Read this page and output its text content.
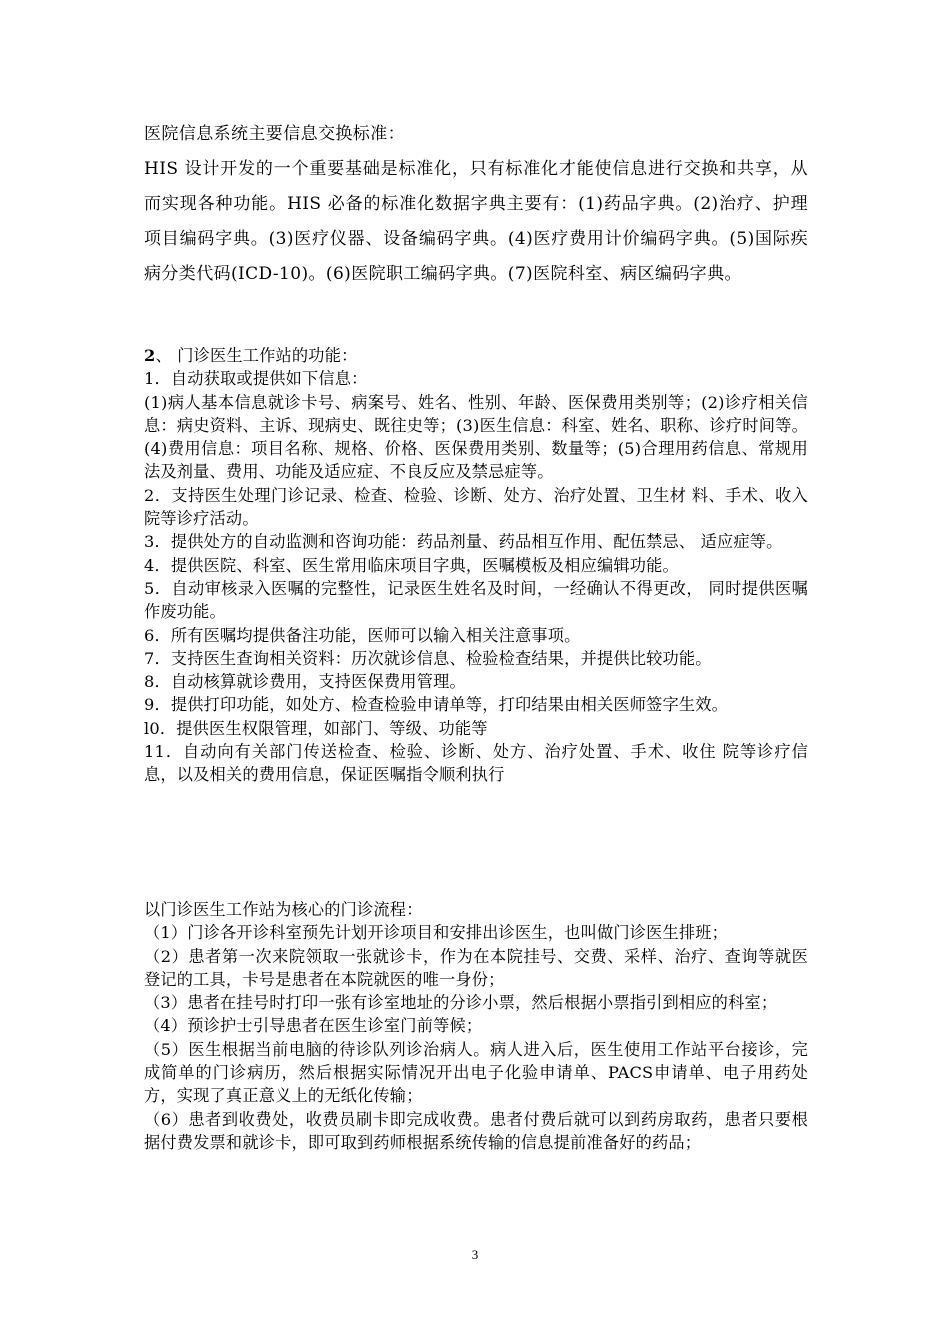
医院信息系统主要信息交换标准：

HIS 设计开发的一个重要基础是标准化，只有标准化才能使信息进行交换和共享，从而实现各种功能。HIS 必备的标准化数据字典主要有：(1)药品字典。(2)治疗、护理项目编码字典。(3)医疗仪器、设备编码字典。(4)医疗费用计价编码字典。(5)国际疾病分类代码(ICD-10)。(6)医院职工编码字典。(7)医院科室、病区编码字典。

2、 门诊医生工作站的功能：

1．自动获取或提供如下信息：

(1)病人基本信息就诊卡号、病案号、姓名、性别、年龄、医保费用类别等；(2)诊疗相关信息：病史资料、主诉、现病史、既往史等；(3)医生信息：科室、姓名、职称、诊疗时间等。(4)费用信息：项目名称、规格、价格、医保费用类别、数量等；(5)合理用药信息、常规用法及剂量、费用、功能及适应症、不良反应及禁忌症等。

2．支持医生处理门诊记录、检查、检验、诊断、处方、治疗处置、卫生材 料、手术、收入院等诊疗活动。

3．提供处方的自动监测和咨询功能：药品剂量、药品相互作用、配伍禁忌、 适应症等。

4．提供医院、科室、医生常用临床项目字典，医嘱模板及相应编辑功能。

5．自动审核录入医嘱的完整性，记录医生姓名及时间，一经确认不得更改， 同时提供医嘱作废功能。

6．所有医嘱均提供备注功能，医师可以输入相关注意事项。

7．支持医生查询相关资料：历次就诊信息、检验检查结果，并提供比较功能。

8．自动核算就诊费用，支持医保费用管理。

9．提供打印功能，如处方、检查检验申请单等，打印结果由相关医师签字生效。

l0．提供医生权限管理，如部门、等级、功能等

11．自动向有关部门传送检查、检验、诊断、处方、治疗处置、手术、收住 院等诊疗信息，以及相关的费用信息，保证医嘱指令顺利执行

以门诊医生工作站为核心的门诊流程：

（1）门诊各开诊科室预先计划开诊项目和安排出诊医生，也叫做门诊医生排班；

（2）患者第一次来院领取一张就诊卡，作为在本院挂号、交费、采样、治疗、查询等就医登记的工具，卡号是患者在本院就医的唯一身份；

（3）患者在挂号时打印一张有诊室地址的分诊小票，然后根据小票指引到相应的科室；

（4）预诊护士引导患者在医生诊室门前等候；

（5）医生根据当前电脑的待诊队列诊治病人。病人进入后，医生使用工作站平台接诊，完成简单的门诊病历，然后根据实际情况开出电子化验申请单、PACS申请单、电子用药处方，实现了真正意义上的无纸化传输；

（6）患者到收费处，收费员刷卡即完成收费。患者付费后就可以到药房取药，患者只要根据付费发票和就诊卡，即可取到药师根据系统传输的信息提前准备好的药品；

3
